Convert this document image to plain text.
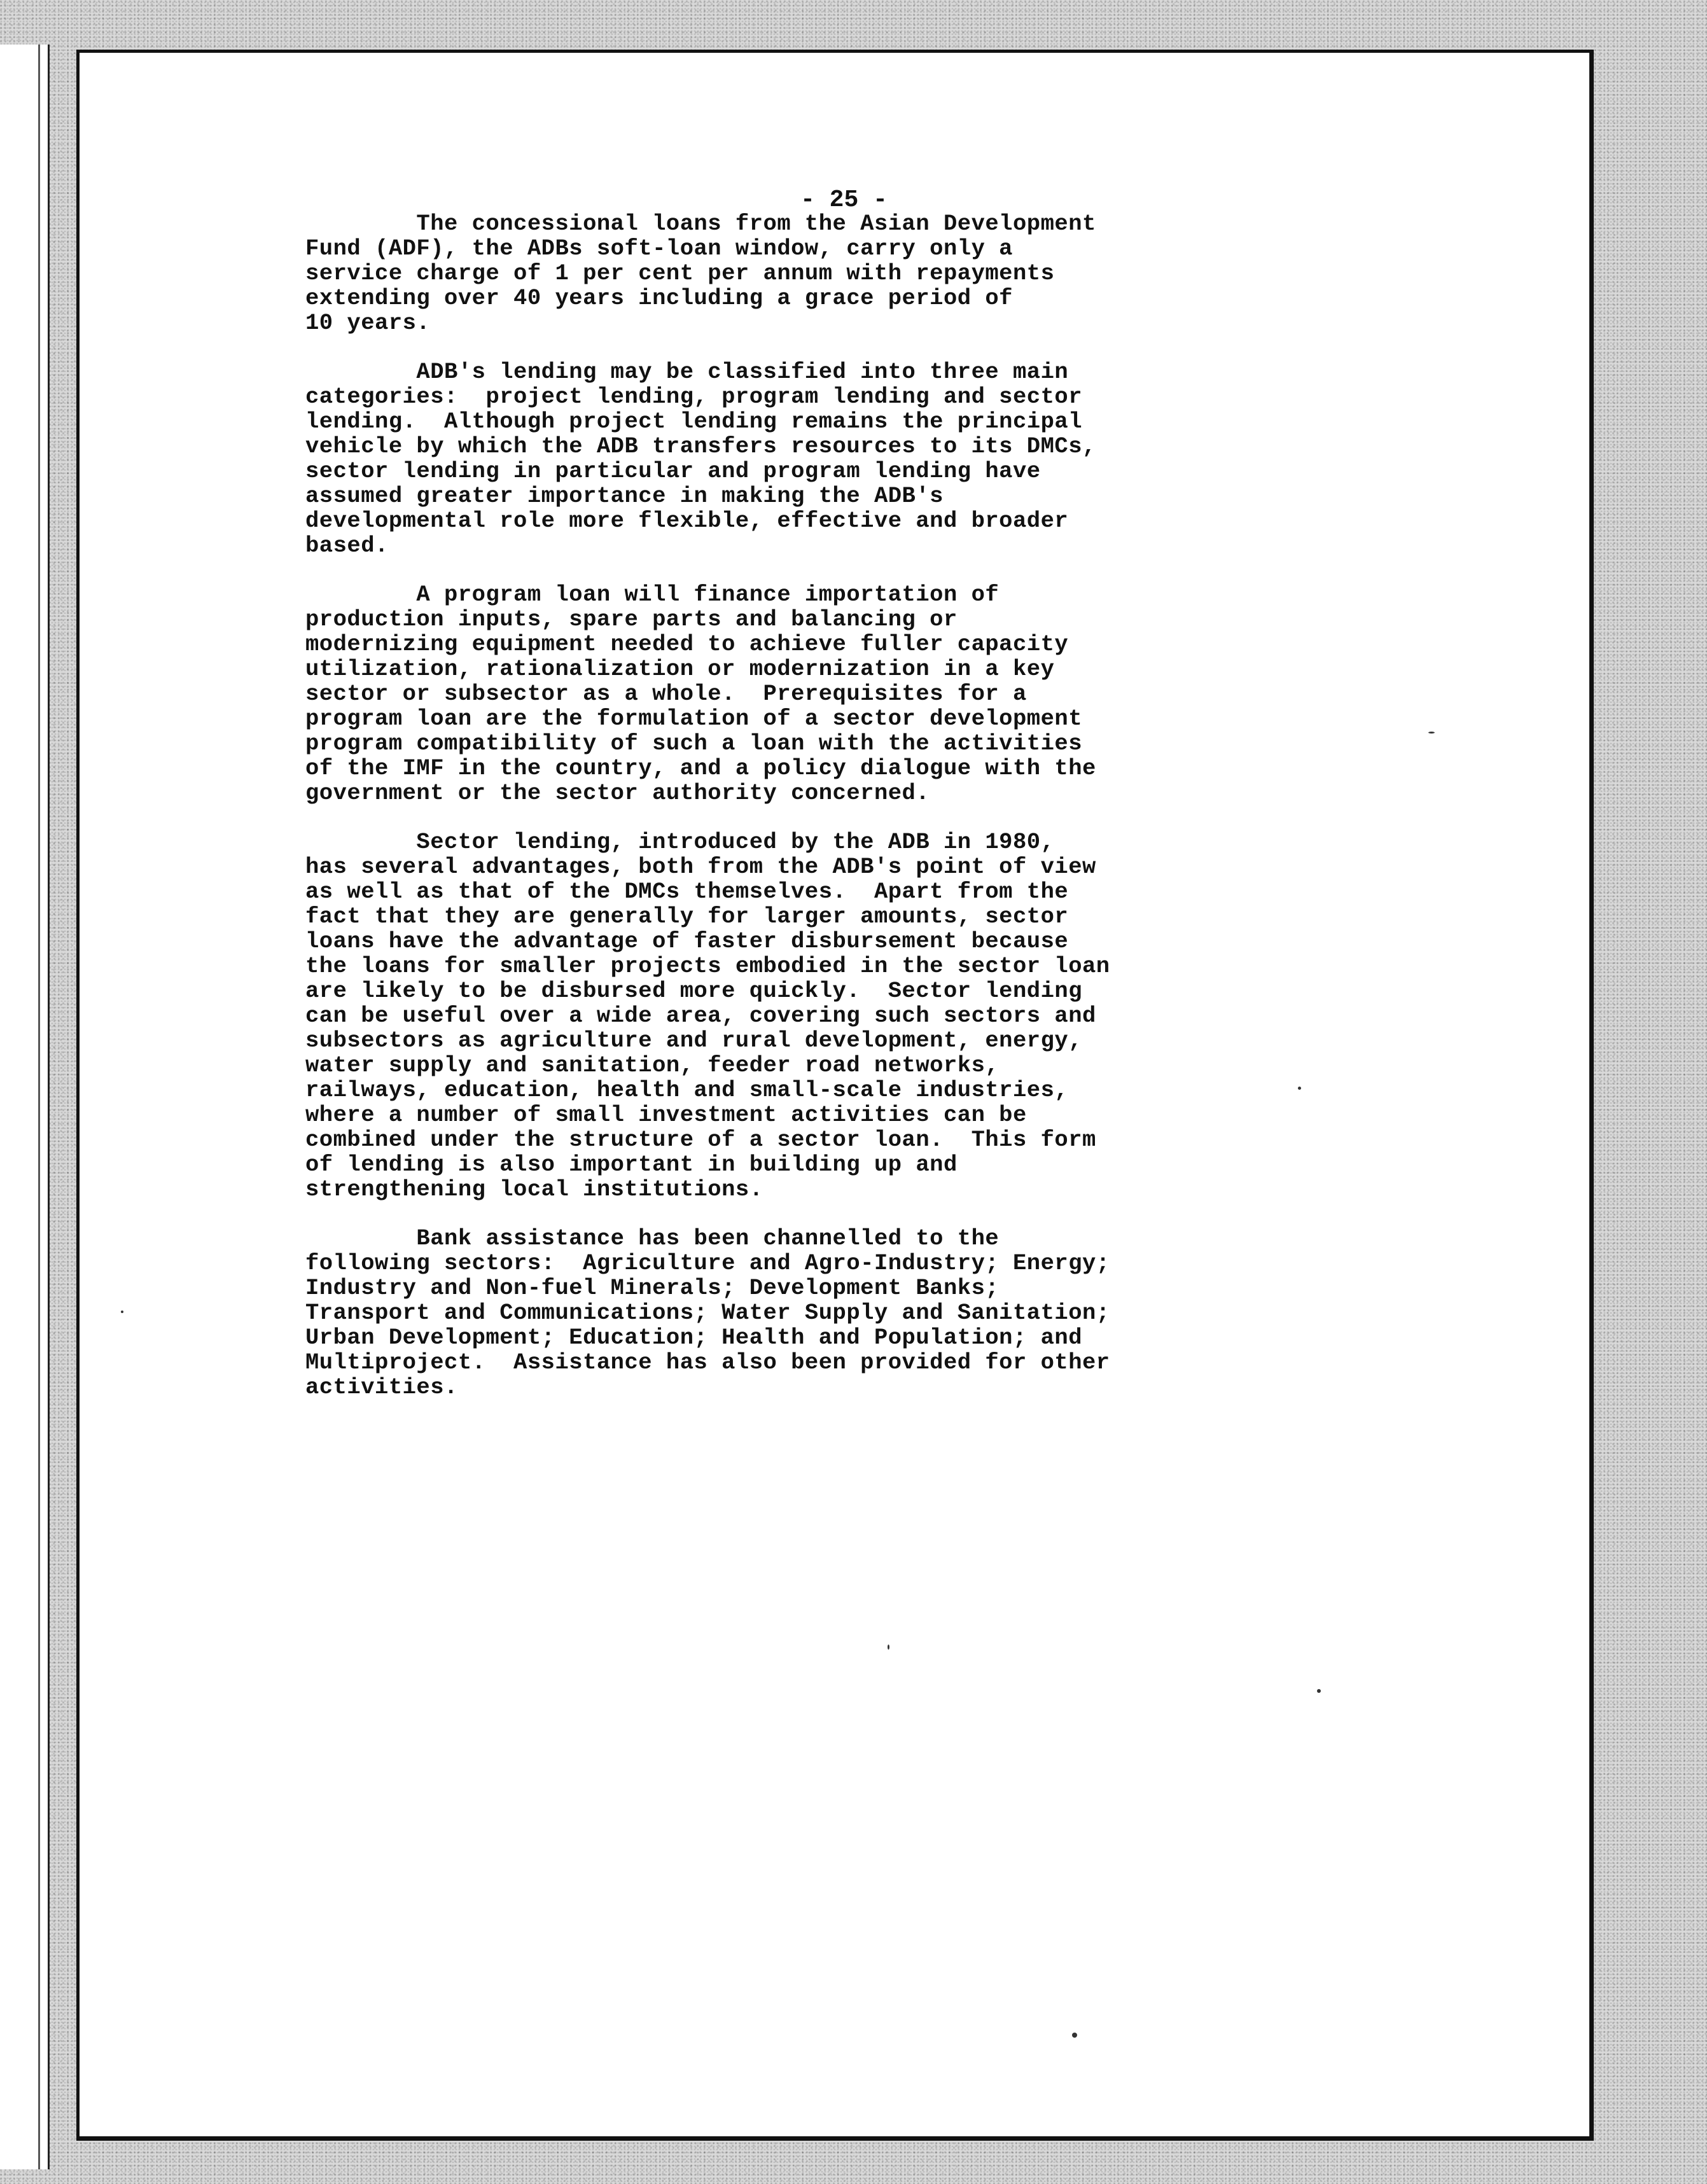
- 25 -
The concessional loans from the Asian Development
Fund (ADF), the ADBs soft-loan window, carry only a
service charge of 1 per cent per annum with repayments
extending over 40 years including a grace period of
10 years.
ADB's lending may be classified into three main
categories:  project lending, program lending and sector
lending.  Although project lending remains the principal
vehicle by which the ADB transfers resources to its DMCs,
sector lending in particular and program lending have
assumed greater importance in making the ADB's
developmental role more flexible, effective and broader
based.
A program loan will finance importation of
production inputs, spare parts and balancing or
modernizing equipment needed to achieve fuller capacity
utilization, rationalization or modernization in a key
sector or subsector as a whole.  Prerequisites for a
program loan are the formulation of a sector development
program compatibility of such a loan with the activities
of the IMF in the country, and a policy dialogue with the
government or the sector authority concerned.
Sector lending, introduced by the ADB in 1980,
has several advantages, both from the ADB's point of view
as well as that of the DMCs themselves.  Apart from the
fact that they are generally for larger amounts, sector
loans have the advantage of faster disbursement because
the loans for smaller projects embodied in the sector loan
are likely to be disbursed more quickly.  Sector lending
can be useful over a wide area, covering such sectors and
subsectors as agriculture and rural development, energy,
water supply and sanitation, feeder road networks,
railways, education, health and small-scale industries,
where a number of small investment activities can be
combined under the structure of a sector loan.  This form
of lending is also important in building up and
strengthening local institutions.
Bank assistance has been channelled to the
following sectors:  Agriculture and Agro-Industry; Energy;
Industry and Non-fuel Minerals; Development Banks;
Transport and Communications; Water Supply and Sanitation;
Urban Development; Education; Health and Population; and
Multiproject.  Assistance has also been provided for other
activities.
